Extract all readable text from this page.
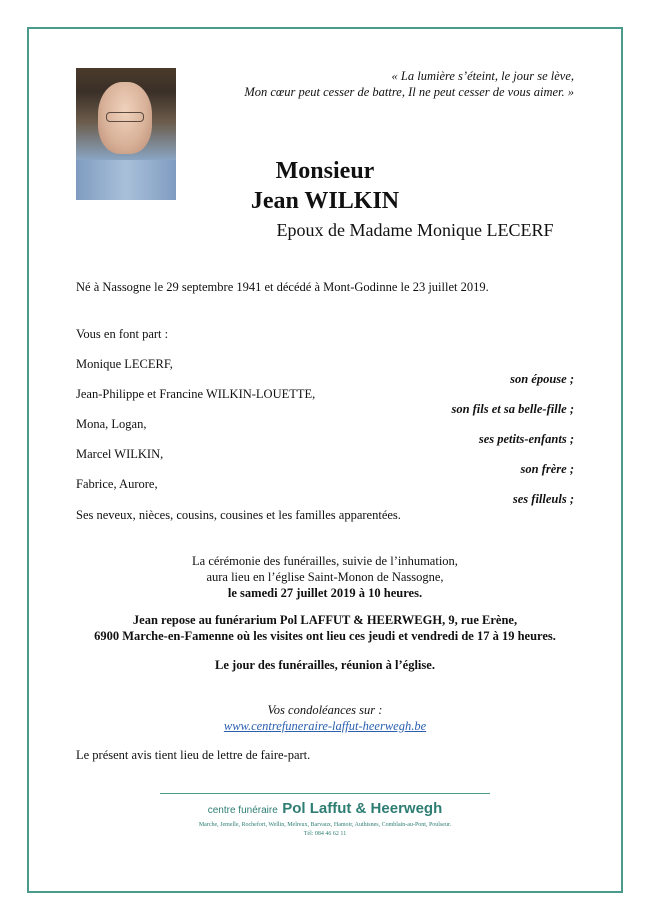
« La lumière s’éteint, le jour se lève,
Mon cœur peut cesser de battre, Il ne peut cesser de vous aimer. »
Monsieur
Jean WILKIN
Epoux de Madame Monique LECERF
Né à Nassogne le 29 septembre 1941 et décédé à Mont-Godinne le 23 juillet 2019.
Vous en font part :
Monique LECERF,
son épouse ;
Jean-Philippe et Francine WILKIN-LOUETTE,
son fils et sa belle-fille ;
Mona, Logan,
ses petits-enfants ;
Marcel WILKIN,
son frère ;
Fabrice, Aurore,
ses filleuls ;
Ses neveux, nièces, cousins, cousines et les familles apparentées.
La cérémonie des funérailles, suivie de l’inhumation,
aura lieu en l’église Saint-Monon de Nassogne,
le samedi 27 juillet 2019 à 10 heures.
Jean repose au funérarium Pol LAFFUT & HEERWEGH, 9, rue Erène,
6900 Marche-en-Famenne où les visites ont lieu ces jeudi et vendredi de 17 à 19 heures.
Le jour des funérailles, réunion à l’église.
Vos condoléances sur :
www.centrefuneraire-laffut-heerwegh.be
Le présent avis tient lieu de lettre de faire-part.
centre funéraire Pol Laffut & Heerwegh
Marche, Jemelle, Rochefort, Wellin, Melreux, Barvaux, Hamoir, Authisnes, Comblain-au-Pont, Poulseur.
Tél: 084 46 62 11
